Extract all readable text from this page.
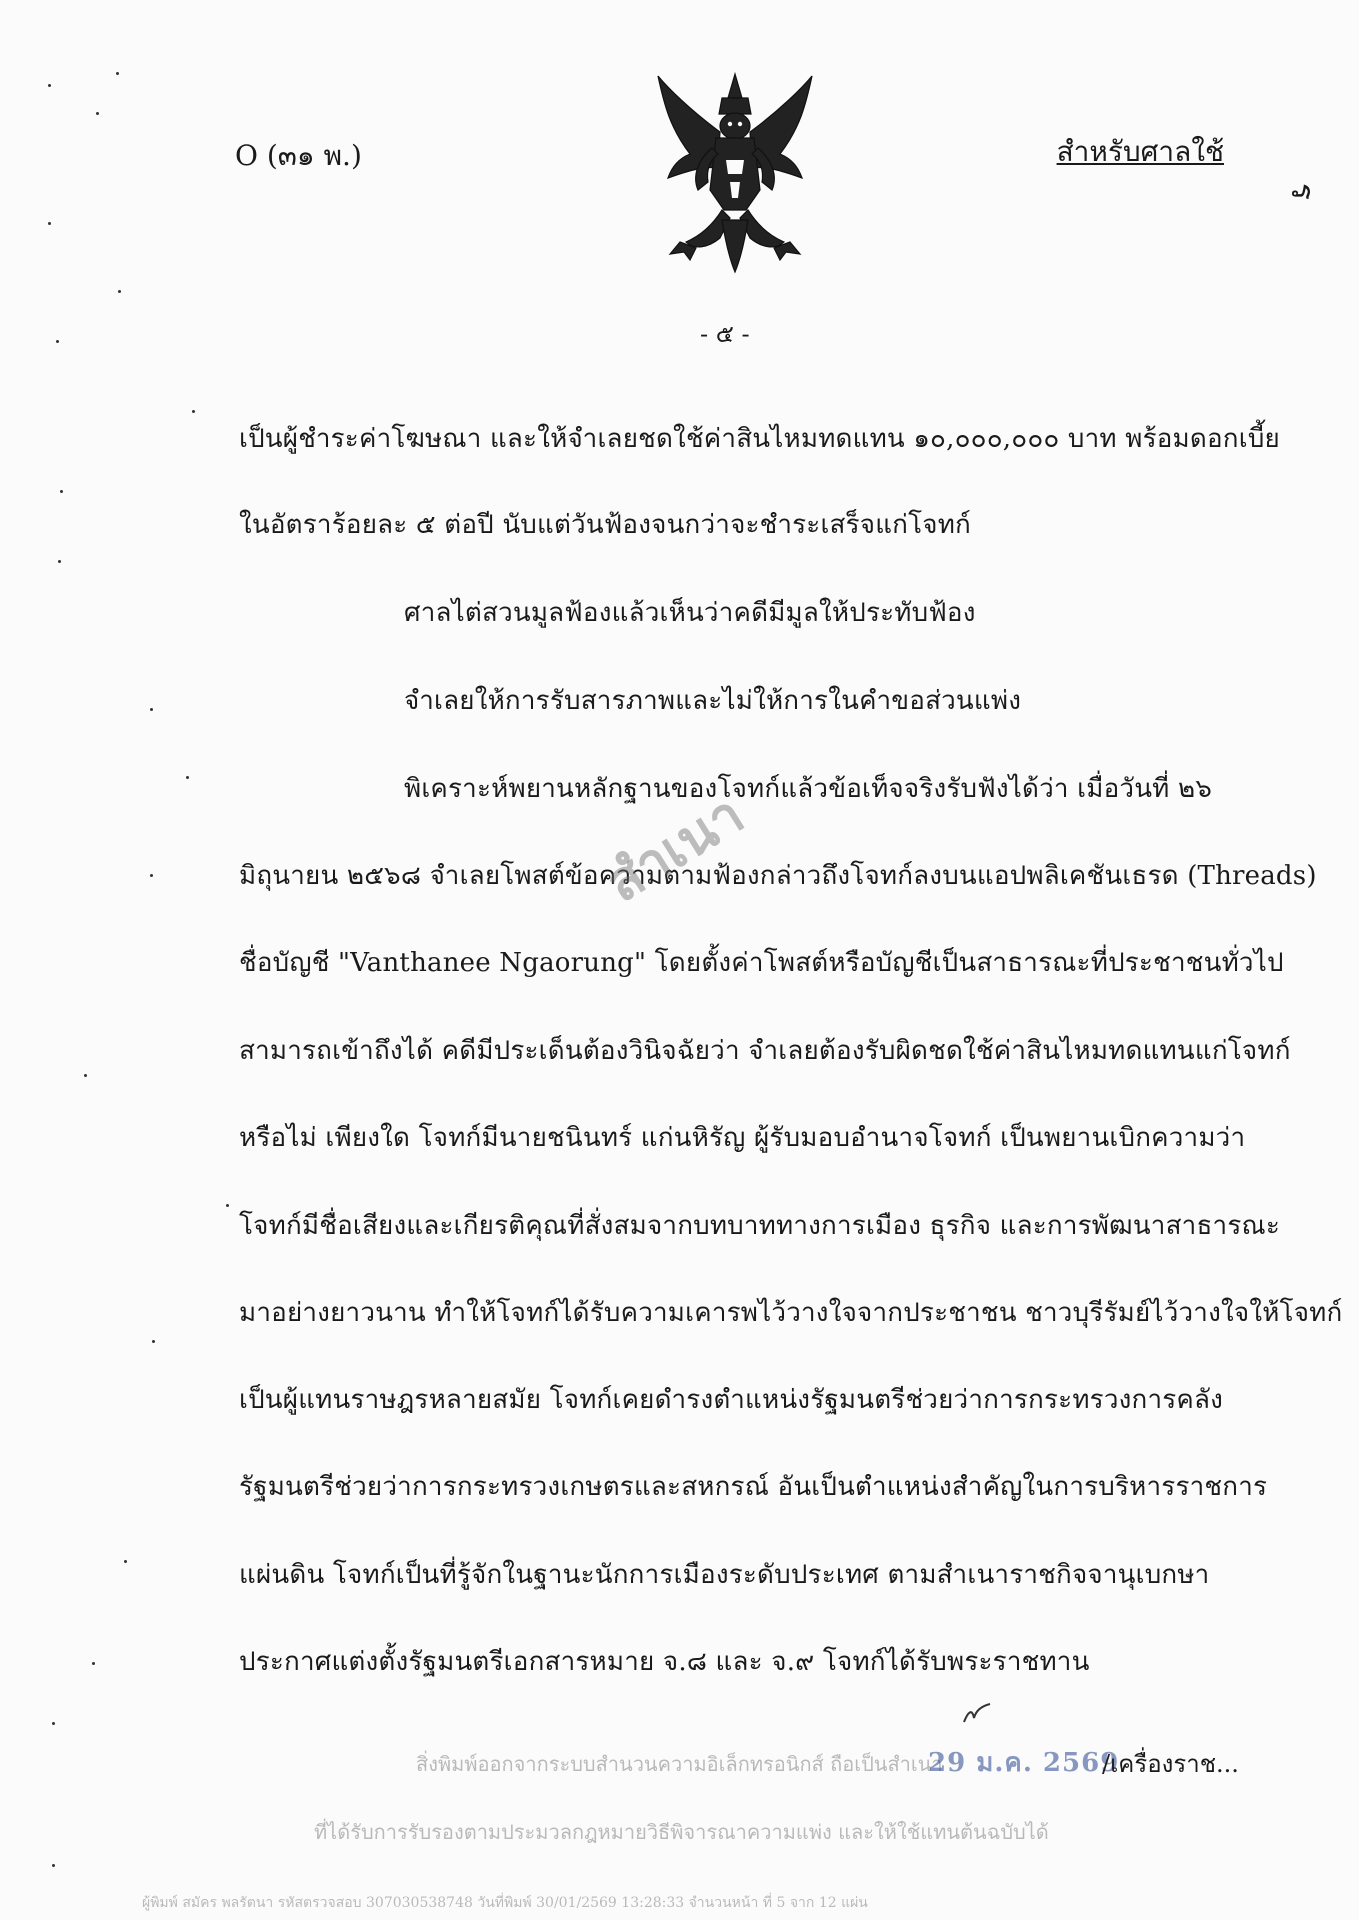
O (๓๑ พ.)	สำหรับศาลใช้
ร
- ๕ -
เป็นผู้ชำระค่าโฆษณา และให้จำเลยชดใช้ค่าสินไหมทดแทน ๑๐,๐๐๐,๐๐๐ บาท พร้อมดอกเบี้ย
ในอัตราร้อยละ ๕ ต่อปี นับแต่วันฟ้องจนกว่าจะชำระเสร็จแก่โจทก์
ศาลไต่สวนมูลฟ้องแล้วเห็นว่าคดีมีมูลให้ประทับฟ้อง
จำเลยให้การรับสารภาพและไม่ให้การในคำขอส่วนแพ่ง
พิเคราะห์พยานหลักฐานของโจทก์แล้วข้อเท็จจริงรับฟังได้ว่า เมื่อวันที่ ๒๖
มิถุนายน ๒๕๖๘ จำเลยโพสต์ข้อความตามฟ้องกล่าวถึงโจทก์ลงบนแอปพลิเคชันเธรด (Threads)
ชื่อบัญชี "Vanthanee Ngaorung" โดยตั้งค่าโพสต์หรือบัญชีเป็นสาธารณะที่ประชาชนทั่วไป
สามารถเข้าถึงได้ คดีมีประเด็นต้องวินิจฉัยว่า จำเลยต้องรับผิดชดใช้ค่าสินไหมทดแทนแก่โจทก์
หรือไม่ เพียงใด โจทก์มีนายชนินทร์ แก่นหิรัญ ผู้รับมอบอำนาจโจทก์ เป็นพยานเบิกความว่า
โจทก์มีชื่อเสียงและเกียรติคุณที่สั่งสมจากบทบาททางการเมือง ธุรกิจ และการพัฒนาสาธารณะ
มาอย่างยาวนาน ทำให้โจทก์ได้รับความเคารพไว้วางใจจากประชาชน ชาวบุรีรัมย์ไว้วางใจให้โจทก์
เป็นผู้แทนราษฎรหลายสมัย โจทก์เคยดำรงตำแหน่งรัฐมนตรีช่วยว่าการกระทรวงการคลัง
รัฐมนตรีช่วยว่าการกระทรวงเกษตรและสหกรณ์ อันเป็นตำแหน่งสำคัญในการบริหารราชการ
แผ่นดิน โจทก์เป็นที่รู้จักในฐานะนักการเมืองระดับประเทศ ตามสำเนาราชกิจจานุเบกษา
ประกาศแต่งตั้งรัฐมนตรีเอกสารหมาย จ.๘ และ จ.๙ โจทก์ได้รับพระราชทาน
สำเนา
สิ่งพิมพ์ออกจากระบบสำนวนความอิเล็กทรอนิกส์ ถือเป็นสำเนา
29 ม.ค. 2569
/เครื่องราช...
ที่ได้รับการรับรองตามประมวลกฎหมายวิธีพิจารณาความแพ่ง และให้ใช้แทนต้นฉบับได้
ผู้พิมพ์ สมัคร พลรัตนา รหัสตรวจสอบ 307030538748 วันที่พิมพ์ 30/01/2569 13:28:33 จำนวนหน้า ที่ 5 จาก 12 แผ่น
